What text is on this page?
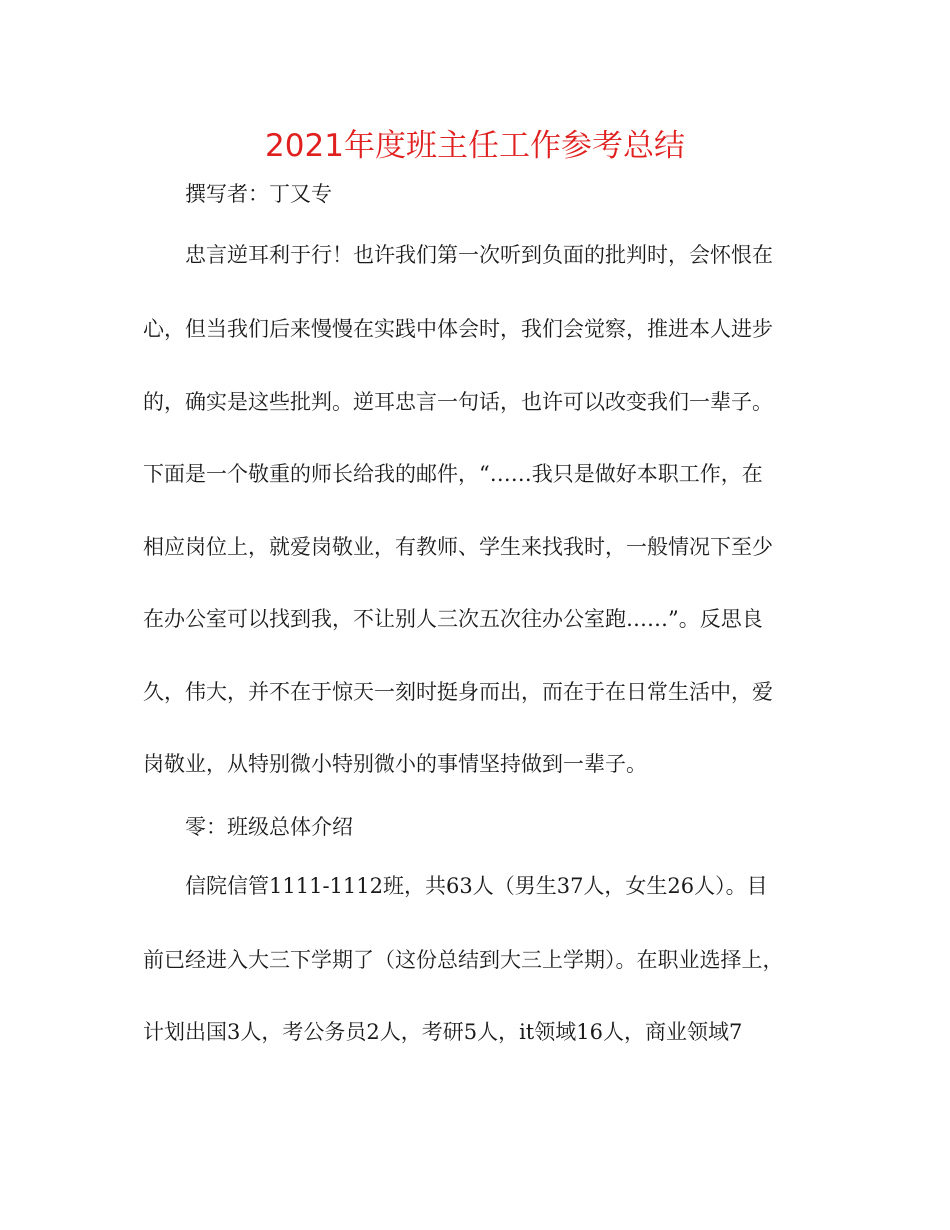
2021年度班主任工作参考总结
撰写者：丁又专
忠言逆耳利于行！也许我们第一次听到负面的批判时，会怀恨在
心，但当我们后来慢慢在实践中体会时，我们会觉察，推进本人进步
的，确实是这些批判。逆耳忠言一句话，也许可以改变我们一辈子。
下面是一个敬重的师长给我的邮件，“……我只是做好本职工作，在
相应岗位上，就爱岗敬业，有教师、学生来找我时，一般情况下至少
在办公室可以找到我，不让别人三次五次往办公室跑……”。反思良
久，伟大，并不在于惊天一刻时挺身而出，而在于在日常生活中，爱
岗敬业，从特别微小特别微小的事情坚持做到一辈子。
零：班级总体介绍
信院信管1111-1112班，共63人（男生37人，女生26人）。目
前已经进入大三下学期了（这份总结到大三上学期）。在职业选择上，
计划出国3人，考公务员2人，考研5人，it领域16人，商业领域7
